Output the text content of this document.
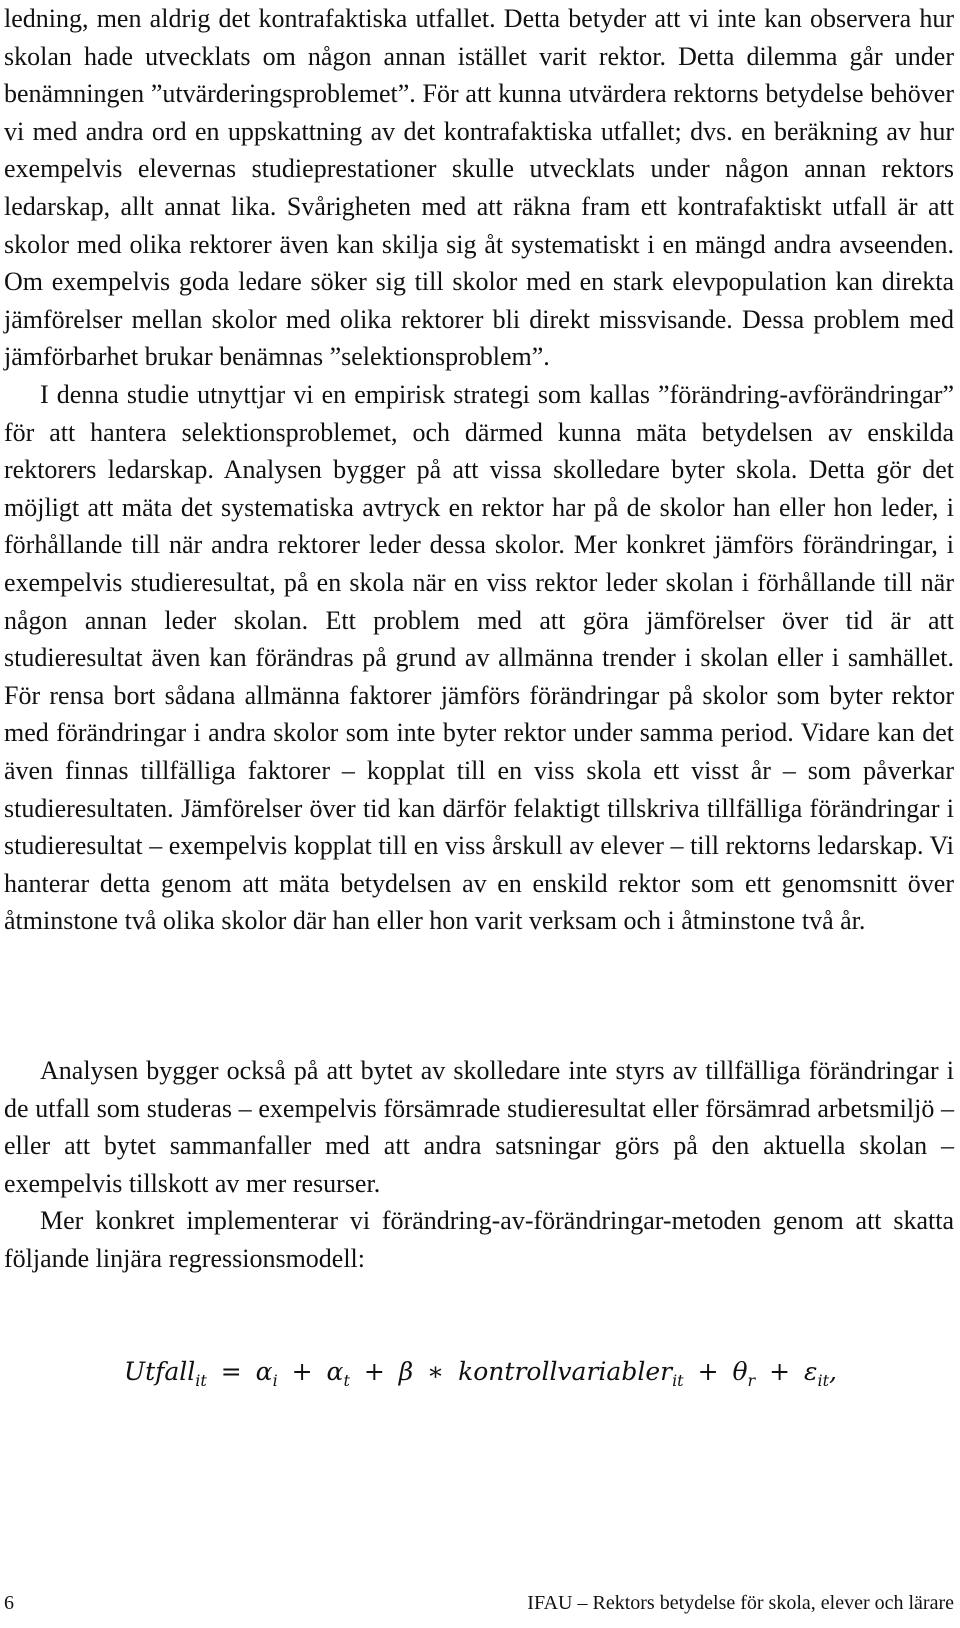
ledning, men aldrig det kontrafaktiska utfallet. Detta betyder att vi inte kan observera hur skolan hade utvecklats om någon annan istället varit rektor. Detta dilemma går under benämningen ”utvärderingsproblemet”. För att kunna utvärdera rektorns betydelse behöver vi med andra ord en uppskattning av det kontrafaktiska utfallet; dvs. en beräkning av hur exempelvis elevernas studieprestationer skulle utvecklats under någon annan rektors ledarskap, allt annat lika. Svårigheten med att räkna fram ett kontrafaktiskt utfall är att skolor med olika rektorer även kan skilja sig åt systematiskt i en mängd andra avseenden. Om exempelvis goda ledare söker sig till skolor med en stark elevpopulation kan direkta jämförelser mellan skolor med olika rektorer bli direkt missvisande. Dessa problem med jämförbarhet brukar benämnas ”selektionsproblem”.

I denna studie utnyttjar vi en empirisk strategi som kallas ”förändring-avförändringar” för att hantera selektionsproblemet, och därmed kunna mäta betydelsen av enskilda rektorers ledarskap. Analysen bygger på att vissa skolledare byter skola. Detta gör det möjligt att mäta det systematiska avtryck en rektor har på de skolor han eller hon leder, i förhållande till när andra rektorer leder dessa skolor. Mer konkret jämförs förändringar, i exempelvis studieresultat, på en skola när en viss rektor leder skolan i förhållande till när någon annan leder skolan. Ett problem med att göra jämförelser över tid är att studieresultat även kan förändras på grund av allmänna trender i skolan eller i samhället. För rensa bort sådana allmänna faktorer jämförs förändringar på skolor som byter rektor med förändringar i andra skolor som inte byter rektor under samma period. Vidare kan det även finnas tillfälliga faktorer – kopplat till en viss skola ett visst år – som påverkar studieresultaten. Jämförelser över tid kan därför felaktigt tillskriva tillfälliga förändringar i studieresultat – exempelvis kopplat till en viss årskull av elever – till rektorns ledarskap. Vi hanterar detta genom att mäta betydelsen av en enskild rektor som ett genomsnitt över åtminstone två olika skolor där han eller hon varit verksam och i åtminstone två år.

Analysen bygger också på att bytet av skolledare inte styrs av tillfälliga förändringar i de utfall som studeras – exempelvis försämrade studieresultat eller försämrad arbetsmiljö – eller att bytet sammanfaller med att andra satsningar görs på den aktuella skolan – exempelvis tillskott av mer resurser.

Mer konkret implementerar vi förändring-av-förändringar-metoden genom att skatta följande linjära regressionsmodell:

Utfall$_{it}$ = $\alpha_i + \alpha_t + \beta$ ∗ kontrollvariabler$_{it}$ + $\theta_r + \varepsilon_{it}$,
6	IFAU – Rektors betydelse för skola, elever och lärare
